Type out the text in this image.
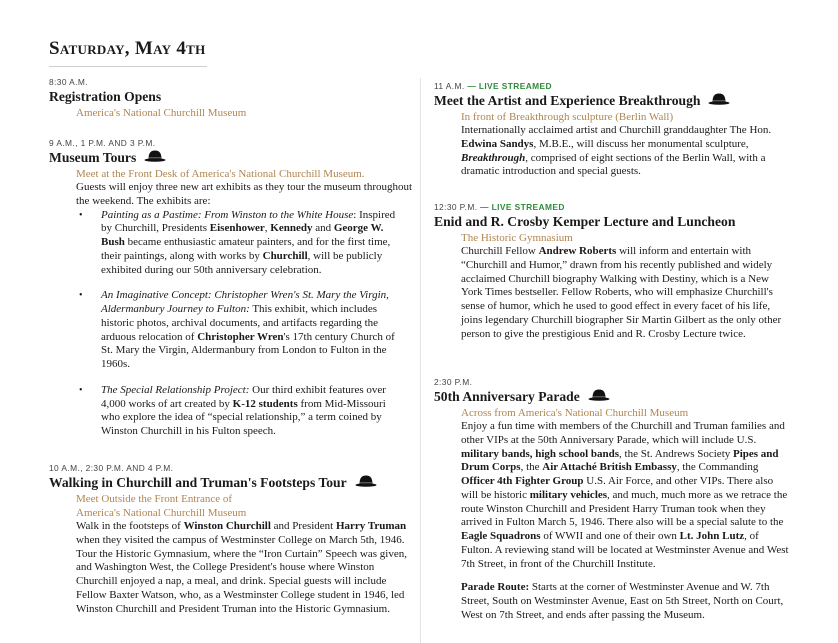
Saturday, May 4th
8:30 A.M.
Registration Opens
America's National Churchill Museum
9 A.M., 1 P.M. AND 3 P.M.
Museum Tours
Meet at the Front Desk of America's National Churchill Museum.
Guests will enjoy three new art exhibits as they tour the museum throughout the weekend. The exhibits are:
• Painting as a Pastime: From Winston to the White House: Inspired by Churchill, Presidents Eisenhower, Kennedy and George W. Bush became enthusiastic amateur painters, and for the first time, their paintings, along with works by Churchill, will be publicly exhibited during our 50th anniversary celebration.
• An Imaginative Concept: Christopher Wren's St. Mary the Virgin, Aldermanbury Journey to Fulton: This exhibit, which includes historic photos, archival documents, and artifacts regarding the arduous relocation of Christopher Wren's 17th century Church of St. Mary the Virgin, Aldermanbury from London to Fulton in the 1960s.
• The Special Relationship Project: Our third exhibit features over 4,000 works of art created by K-12 students from Mid-Missouri who explore the idea of “special relationship,” a term coined by Winston Churchill in his Fulton speech.
10 A.M., 2:30 P.M. AND 4 P.M.
Walking in Churchill and Truman's Footsteps Tour
Meet Outside the Front Entrance of
America's National Churchill Museum
Walk in the footsteps of Winston Churchill and President Harry Truman when they visited the campus of Westminster College on March 5th, 1946. Tour the Historic Gymnasium, where the “Iron Curtain” Speech was given, and Washington West, the College President's house where Winston Churchill enjoyed a nap, a meal, and drink. Special guests will include Fellow Baxter Watson, who, as a Westminster College student in 1946, led Winston Churchill and President Truman into the Historic Gymnasium.
11 A.M. — LIVE STREAMED
Meet the Artist and Experience Breakthrough
In front of Breakthrough sculpture (Berlin Wall)
Internationally acclaimed artist and Churchill granddaughter The Hon. Edwina Sandys, M.B.E., will discuss her monumental sculpture, Breakthrough, comprised of eight sections of the Berlin Wall, with a dramatic introduction and special guests.
12:30 P.M. — LIVE STREAMED
Enid and R. Crosby Kemper Lecture and Luncheon
The Historic Gymnasium
Churchill Fellow Andrew Roberts will inform and entertain with “Churchill and Humor,” drawn from his recently published and widely acclaimed Churchill biography Walking with Destiny, which is a New York Times bestseller. Fellow Roberts, who will emphasize Churchill's sense of humor, which he used to good effect in every facet of his life, joins legendary Churchill biographer Sir Martin Gilbert as the only other person to give the prestigious Enid and R. Crosby Lecture twice.
2:30 P.M.
50th Anniversary Parade
Across from America's National Churchill Museum
Enjoy a fun time with members of the Churchill and Truman families and other VIPs at the 50th Anniversary Parade, which will include U.S. military bands, high school bands, the St. Andrews Society Pipes and Drum Corps, the Air Attaché British Embassy, the Commanding Officer 4th Fighter Group U.S. Air Force, and other VIPs. There also will be historic military vehicles, and much, much more as we retrace the route Winston Churchill and President Harry Truman took when they arrived in Fulton March 5, 1946. There also will be a special salute to the Eagle Squadrons of WWII and one of their own Lt. John Lutz, of Fulton. A reviewing stand will be located at Westminster Avenue and West 7th Street, in front of the Churchill Institute.
Parade Route: Starts at the corner of Westminster Avenue and W. 7th Street, South on Westminster Avenue, East on 5th Street, North on Court, West on 7th Street, and ends after passing the Museum.
